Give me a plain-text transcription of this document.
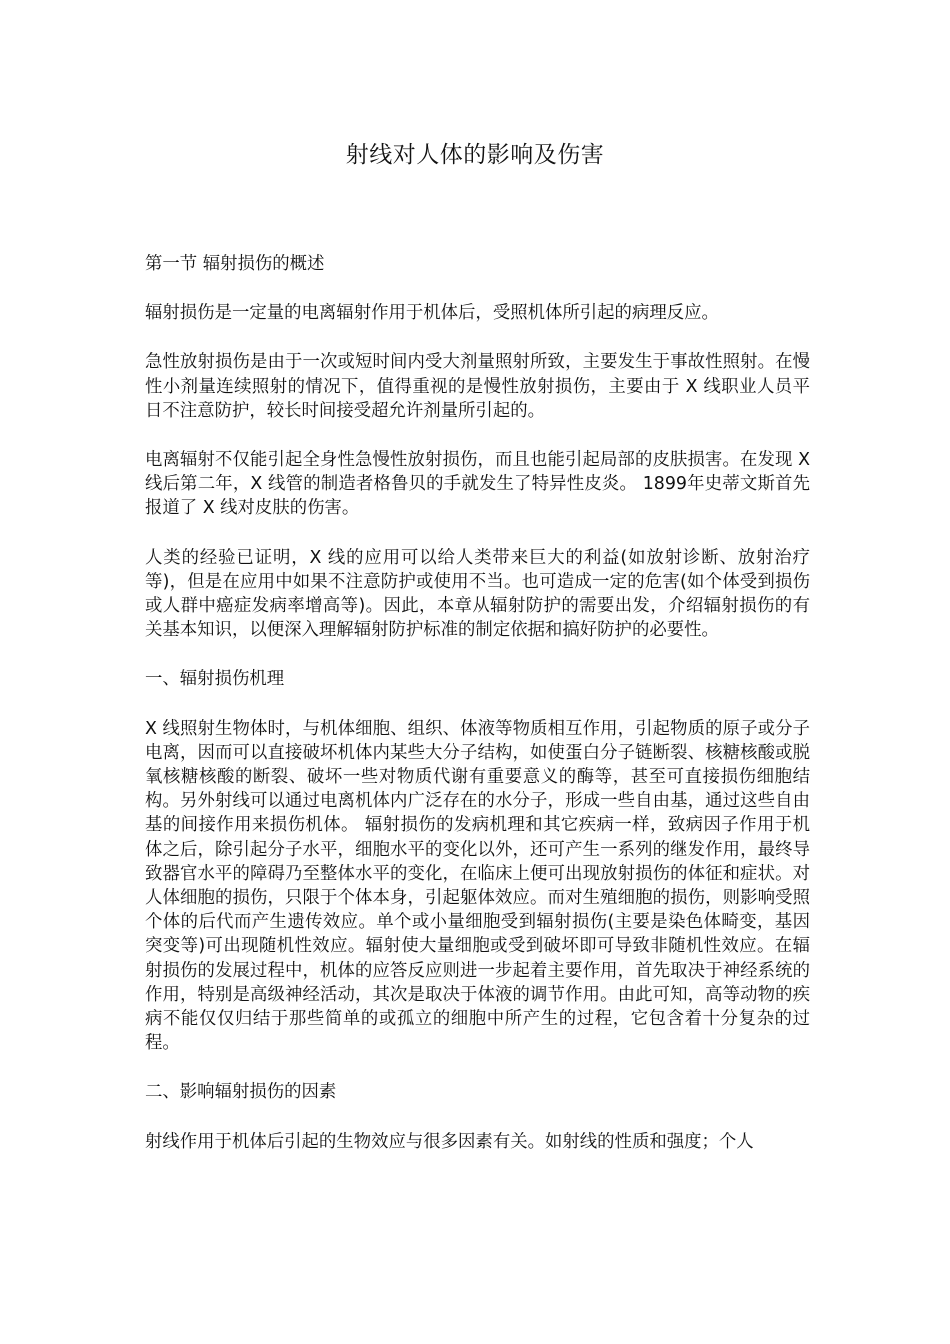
射线对人体的影响及伤害

第一节 辐射损伤的概述

辐射损伤是一定量的电离辐射作用于机体后，受照机体所引起的病理反应。

急性放射损伤是由于一次或短时间内受大剂量照射所致，主要发生于事故性照射。在慢性小剂量连续照射的情况下，值得重视的是慢性放射损伤，主要由于 X 线职业人员平日不注意防护，较长时间接受超允许剂量所引起的。

电离辐射不仅能引起全身性急慢性放射损伤，而且也能引起局部的皮肤损害。在发现 X 线后第二年，X 线管的制造者格鲁贝的手就发生了特异性皮炎。 1899年史蒂文斯首先报道了 X 线对皮肤的伤害。

人类的经验已证明，X 线的应用可以给人类带来巨大的利益(如放射诊断、放射治疗等)，但是在应用中如果不注意防护或使用不当。也可造成一定的危害(如个体受到损伤或人群中癌症发病率增高等)。因此，本章从辐射防护的需要出发，介绍辐射损伤的有关基本知识，以便深入理解辐射防护标准的制定依据和搞好防护的必要性。

一、辐射损伤机理

X 线照射生物体时，与机体细胞、组织、体液等物质相互作用，引起物质的原子或分子电离，因而可以直接破坏机体内某些大分子结构，如使蛋白分子链断裂、核糖核酸或脱氧核糖核酸的断裂、破坏一些对物质代谢有重要意义的酶等，甚至可直接损伤细胞结构。另外射线可以通过电离机体内广泛存在的水分子，形成一些自由基，通过这些自由基的间接作用来损伤机体。 辐射损伤的发病机理和其它疾病一样，致病因子作用于机体之后，除引起分子水平，细胞水平的变化以外，还可产生一系列的继发作用，最终导致器官水平的障碍乃至整体水平的变化，在临床上便可出现放射损伤的体征和症状。对人体细胞的损伤，只限于个体本身，引起躯体效应。而对生殖细胞的损伤，则影响受照个体的后代而产生遗传效应。单个或小量细胞受到辐射损伤(主要是染色体畸变，基因突变等)可出现随机性效应。辐射使大量细胞或受到破坏即可导致非随机性效应。在辐射损伤的发展过程中，机体的应答反应则进一步起着主要作用，首先取决于神经系统的作用，特别是高级神经活动，其次是取决于体液的调节作用。由此可知，高等动物的疾病不能仅仅归结于那些简单的或孤立的细胞中所产生的过程，它包含着十分复杂的过程。

二、影响辐射损伤的因素

射线作用于机体后引起的生物效应与很多因素有关。如射线的性质和强度；个人
